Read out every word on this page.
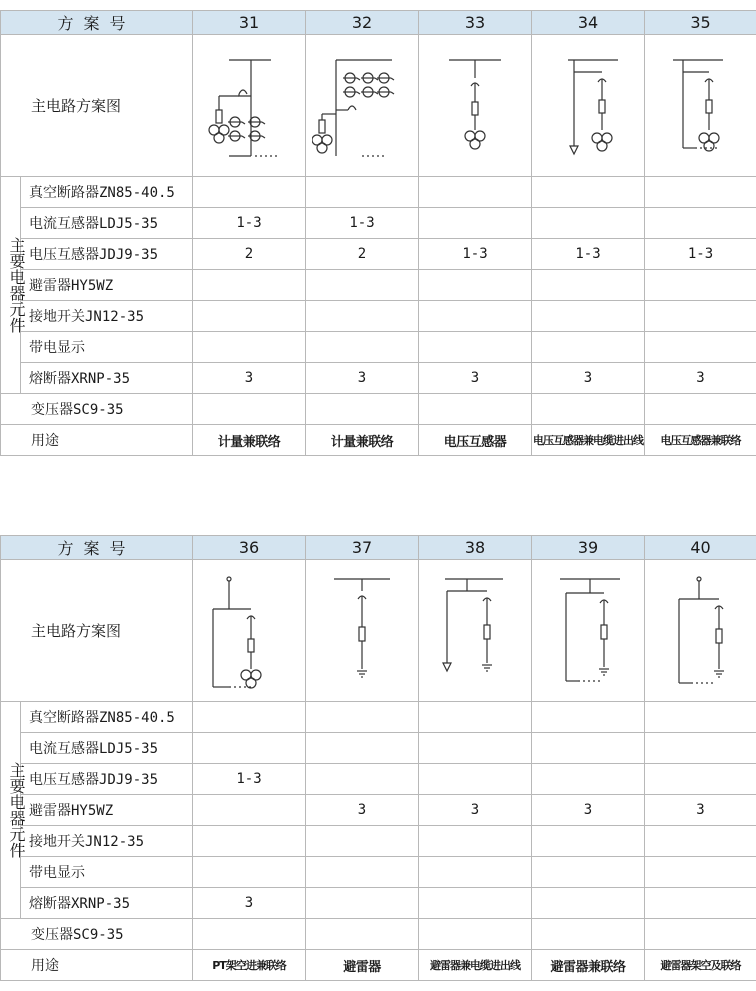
方案号		31	32	33	34	35
主电路方案图	

主要电器元件	真空断路器ZN85-40.5					
	电流互感器LDJ5-35	1-3	1-3			
	电压互感器JDJ9-35	2	2	1-3	1-3	1-3
	避雷器HY5WZ					
	接地开关JN12-35					
	带电显示					
	熔断器XRNP-35	3	3	3	3	3
变压器SC9-35						
用途		计量兼联络	计量兼联络	电压互感器	电压互感器兼电缆进出线	电压互感器兼联络
方案号		36	37	38	39	40
主电路方案图	

主要电器元件	真空断路器ZN85-40.5					
	电流互感器LDJ5-35					
	电压互感器JDJ9-35	1-3				
	避雷器HY5WZ		3	3	3	3
	接地开关JN12-35					
	带电显示					
	熔断器XRNP-35	3				
变压器SC9-35						
用途		PT架空进兼联络	避雷器	避雷器兼电缆进出线	避雷器兼联络	避雷器架空及联络
